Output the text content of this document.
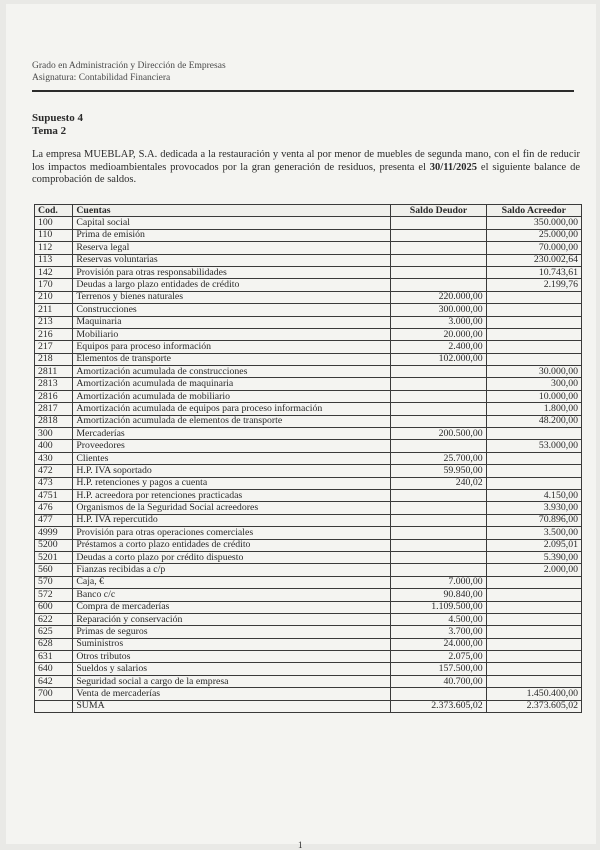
Grado en Administración y Dirección de Empresas
Asignatura: Contabilidad Financiera
Supuesto 4
Tema 2
La empresa MUEBLAP, S.A. dedicada a la restauración y venta al por menor de muebles de segunda mano, con el fin de reducir los impactos medioambientales provocados por la gran generación de residuos, presenta el 30/11/2025 el siguiente balance de comprobación de saldos.
Cod.	Cuentas	Saldo Deudor	Saldo Acreedor
100	Capital social		350.000,00
110	Prima de emisión		25.000,00
112	Reserva legal		70.000,00
113	Reservas voluntarias		230.002,64
142	Provisión para otras responsabilidades		10.743,61
170	Deudas a largo plazo entidades de crédito		2.199,76
210	Terrenos y bienes naturales	220.000,00	
211	Construcciones	300.000,00	
213	Maquinaria	3.000,00	
216	Mobiliario	20.000,00	
217	Equipos para proceso información	2.400,00	
218	Elementos de transporte	102.000,00	
2811	Amortización acumulada de construcciones		30.000,00
2813	Amortización acumulada de maquinaria		300,00
2816	Amortización acumulada de mobiliario		10.000,00
2817	Amortización acumulada de equipos para proceso información		1.800,00
2818	Amortización acumulada de elementos de transporte		48.200,00
300	Mercaderías	200.500,00	
400	Proveedores		53.000,00
430	Clientes	25.700,00	
472	H.P. IVA soportado	59.950,00	
473	H.P. retenciones y pagos a cuenta	240,02	
4751	H.P. acreedora por retenciones practicadas		4.150,00
476	Organismos de la Seguridad Social acreedores		3.930,00
477	H.P. IVA repercutido		70.896,00
4999	Provisión para otras operaciones comerciales		3.500,00
5200	Préstamos a corto plazo entidades de crédito		2.095,01
5201	Deudas a corto plazo por crédito dispuesto		5.390,00
560	Fianzas recibidas a c/p		2.000,00
570	Caja, €	7.000,00	
572	Banco c/c	90.840,00	
600	Compra de mercaderías	1.109.500,00	
622	Reparación y conservación	4.500,00	
625	Primas de seguros	3.700,00	
628	Suministros	24.000,00	
631	Otros tributos	2.075,00	
640	Sueldos y salarios	157.500,00	
642	Seguridad social a cargo de la empresa	40.700,00	
700	Venta de mercaderías		1.450.400,00
	SUMA	2.373.605,02	2.373.605,02
1
